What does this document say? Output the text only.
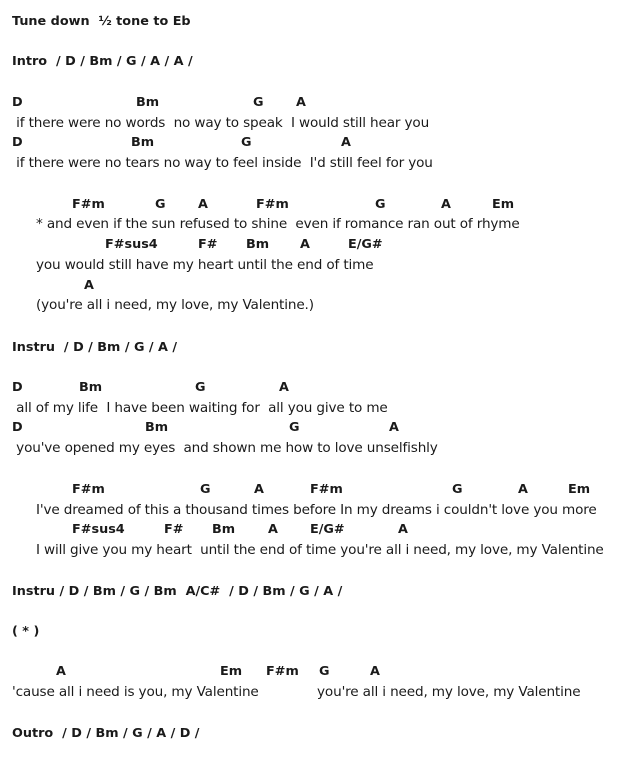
Tune down  ½ tone to Eb
Intro  / D / Bm / G / A / A /
D	Bm	G	A
if there were no words  no way to speak  I would still hear you
D	Bm	G	A
if there were no tears no way to feel inside  I'd still feel for you
F#m	G	A	F#m	G	A	Em
* and even if the sun refused to shine  even if romance ran out of rhyme
F#sus4	F# Bm A	E/G#
you would still have my heart until the end of time
A
(you're all i need, my love, my Valentine.)
Instru  / D / Bm / G / A /
D	Bm	G	A
all of my life  I have been waiting for  all you give to me
D	Bm	G	A
you've opened my eyes  and shown me how to love unselfishly
F#m	G	A	F#m	G	A	Em
I've dreamed of this a thousand times before In my dreams i couldn't love you more
F#sus4	F# Bm	A	E/G#	A
I will give you my heart  until the end of time you're all i need, my love, my Valentine
Instru / D / Bm / G / Bm  A/C#  / D / Bm / G / A /
( * )
A	Em F#m G	A
'cause all i need is you, my Valentine              you're all i need, my love, my Valentine
Outro  / D / Bm / G / A / D /
